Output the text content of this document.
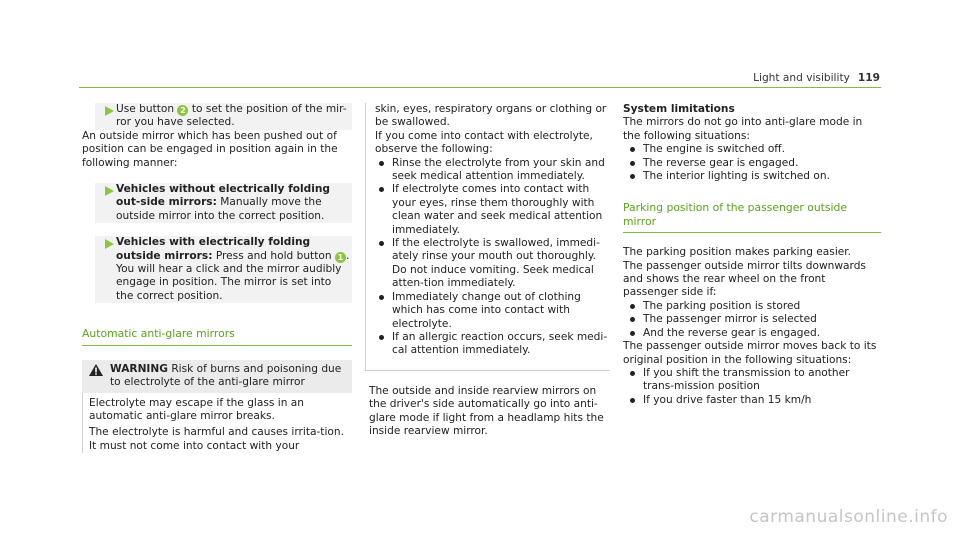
Light and visibility 119
Use button 2 to set the position of the mir-ror you have selected.

An outside mirror which has been pushed out of position can be engaged in position again in the following manner:

Vehicles without electrically folding out-side mirrors: Manually move the outside mirror into the correct position.
Vehicles with electrically folding outside mirrors: Press and hold button 1 .
You will hear a click and the mirror audibly engage in position. The mirror is set into the correct position.
Automatic anti-glare mirrors
WARNING Risk of burns and poisoning due to electrolyte of the anti-glare mirror

Electrolyte may escape if the glass in an automatic anti-glare mirror breaks.

The electrolyte is harmful and causes irrita-tion. It must not come into contact with your

skin, eyes, respiratory organs or clothing or be swallowed.

If you come into contact with electrolyte, observe the following:

Rinse the electrolyte from your skin and seek medical attention immediately.
If electrolyte comes into contact with your eyes, rinse them thoroughly with clean water and seek medical attention immediately.
If the electrolyte is swallowed, immedi-ately rinse your mouth out thoroughly. Do not induce vomiting. Seek medical atten-tion immediately.
Immediately change out of clothing which has come into contact with electrolyte.
If an allergic reaction occurs, seek medi-cal attention immediately.

The outside and inside rearview mirrors on the driver's side automatically go into anti-glare mode if light from a headlamp hits the inside rearview mirror.

System limitations

The mirrors do not go into anti-glare mode in the following situations:

The engine is switched off.
The reverse gear is engaged.
The interior lighting is switched on.
Parking position of the passenger outside mirror

The parking position makes parking easier.

The passenger outside mirror tilts downwards and shows the rear wheel on the front passenger side if:

The parking position is stored
The passenger mirror is selected
And the reverse gear is engaged.

The passenger outside mirror moves back to its original position in the following situations:

If you shift the transmission to another trans-mission position
If you drive faster than 15 km/h
carmanualsonline.info
